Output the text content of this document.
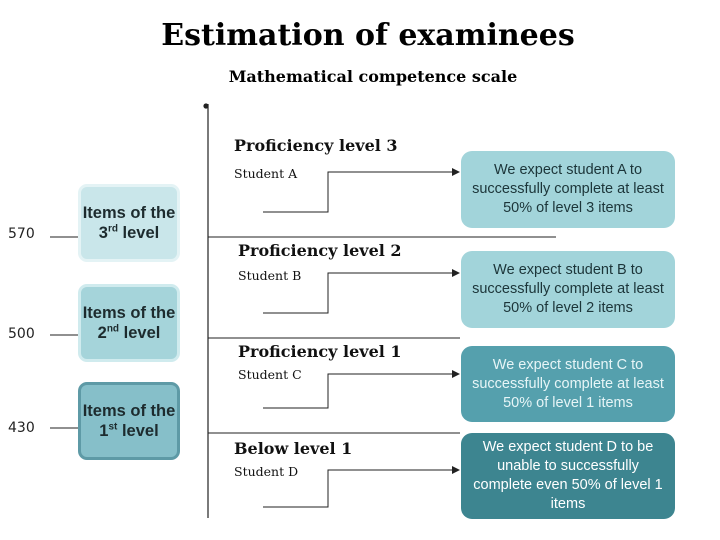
Estimation of examinees
Mathematical competence scale
Proficiency level 3
Student A
Proficiency level 2
Student B
Proficiency level 1
Student C
Below level 1
Student D
570
500
430
Items of the 3rd level
Items of the 2nd level
Items of the 1st level
We expect student A to successfully complete at least 50% of level 3 items
We expect student B to successfully complete at least 50% of level 2 items
We expect student C to successfully complete at least 50% of level 1 items
We expect student D to be unable to successfully complete even 50% of level 1 items
